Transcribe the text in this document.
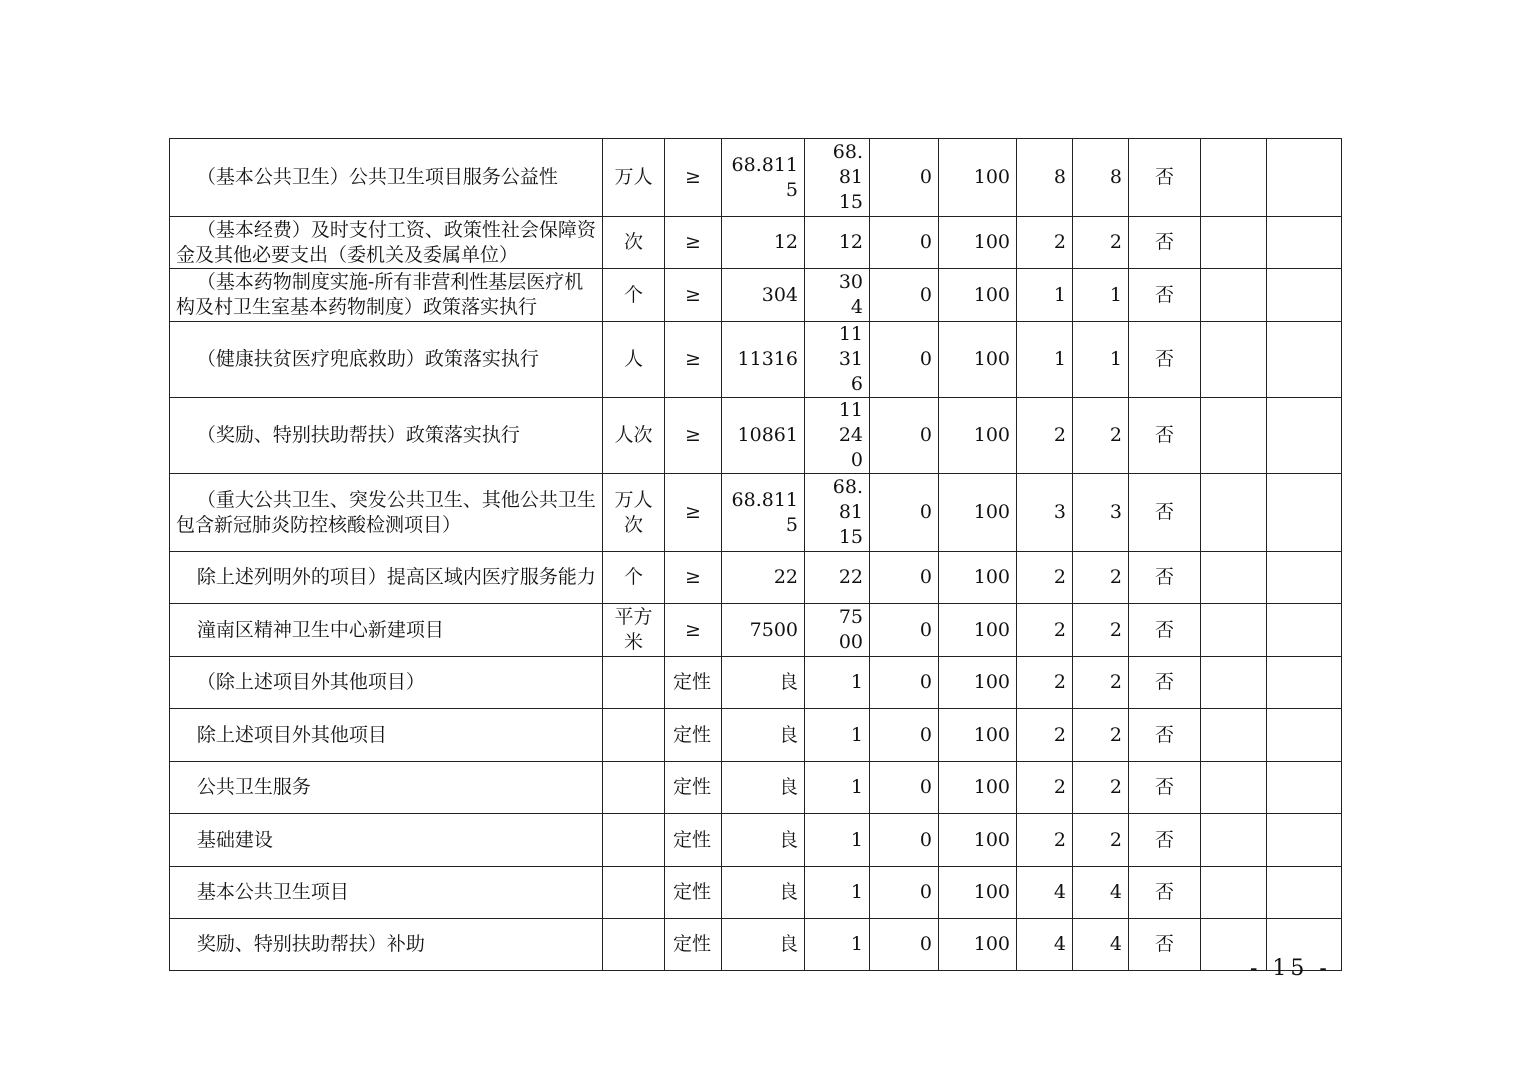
（基本公共卫生）公共卫生项目服务公益性	万人	≥	68.8115	68.8115	0	100	8	8	否		

（基本经费）及时支付工资、政策性社会保障资金及其他必要支出（委机关及委属单位）	次	≥	12	12	0	100	2	2	否		

（基本药物制度实施-所有非营利性基层医疗机构及村卫生室基本药物制度）政策落实执行	个	≥	304	304	0	100	1	1	否		

（健康扶贫医疗兜底救助）政策落实执行	人	≥	11316	11316	0	100	1	1	否		

（奖励、特别扶助帮扶）政策落实执行	人次	≥	10861	11240	0	100	2	2	否		

（重大公共卫生、突发公共卫生、其他公共卫生包含新冠肺炎防控核酸检测项目）	万人次	≥	68.8115	68.8115	0	100	3	3	否		

除上述列明外的项目）提高区域内医疗服务能力	个	≥	22	22	0	100	2	2	否		

潼南区精神卫生中心新建项目	平方米	≥	7500	7500	0	100	2	2	否		

（除上述项目外其他项目）		定性	良	1	0	100	2	2	否		

除上述项目外其他项目		定性	良	1	0	100	2	2	否		

公共卫生服务		定性	良	1	0	100	2	2	否		

基础建设		定性	良	1	0	100	2	2	否		

基本公共卫生项目		定性	良	1	0	100	4	4	否		

奖励、特别扶助帮扶）补助		定性	良	1	0	100	4	4	否		
- 15 -
